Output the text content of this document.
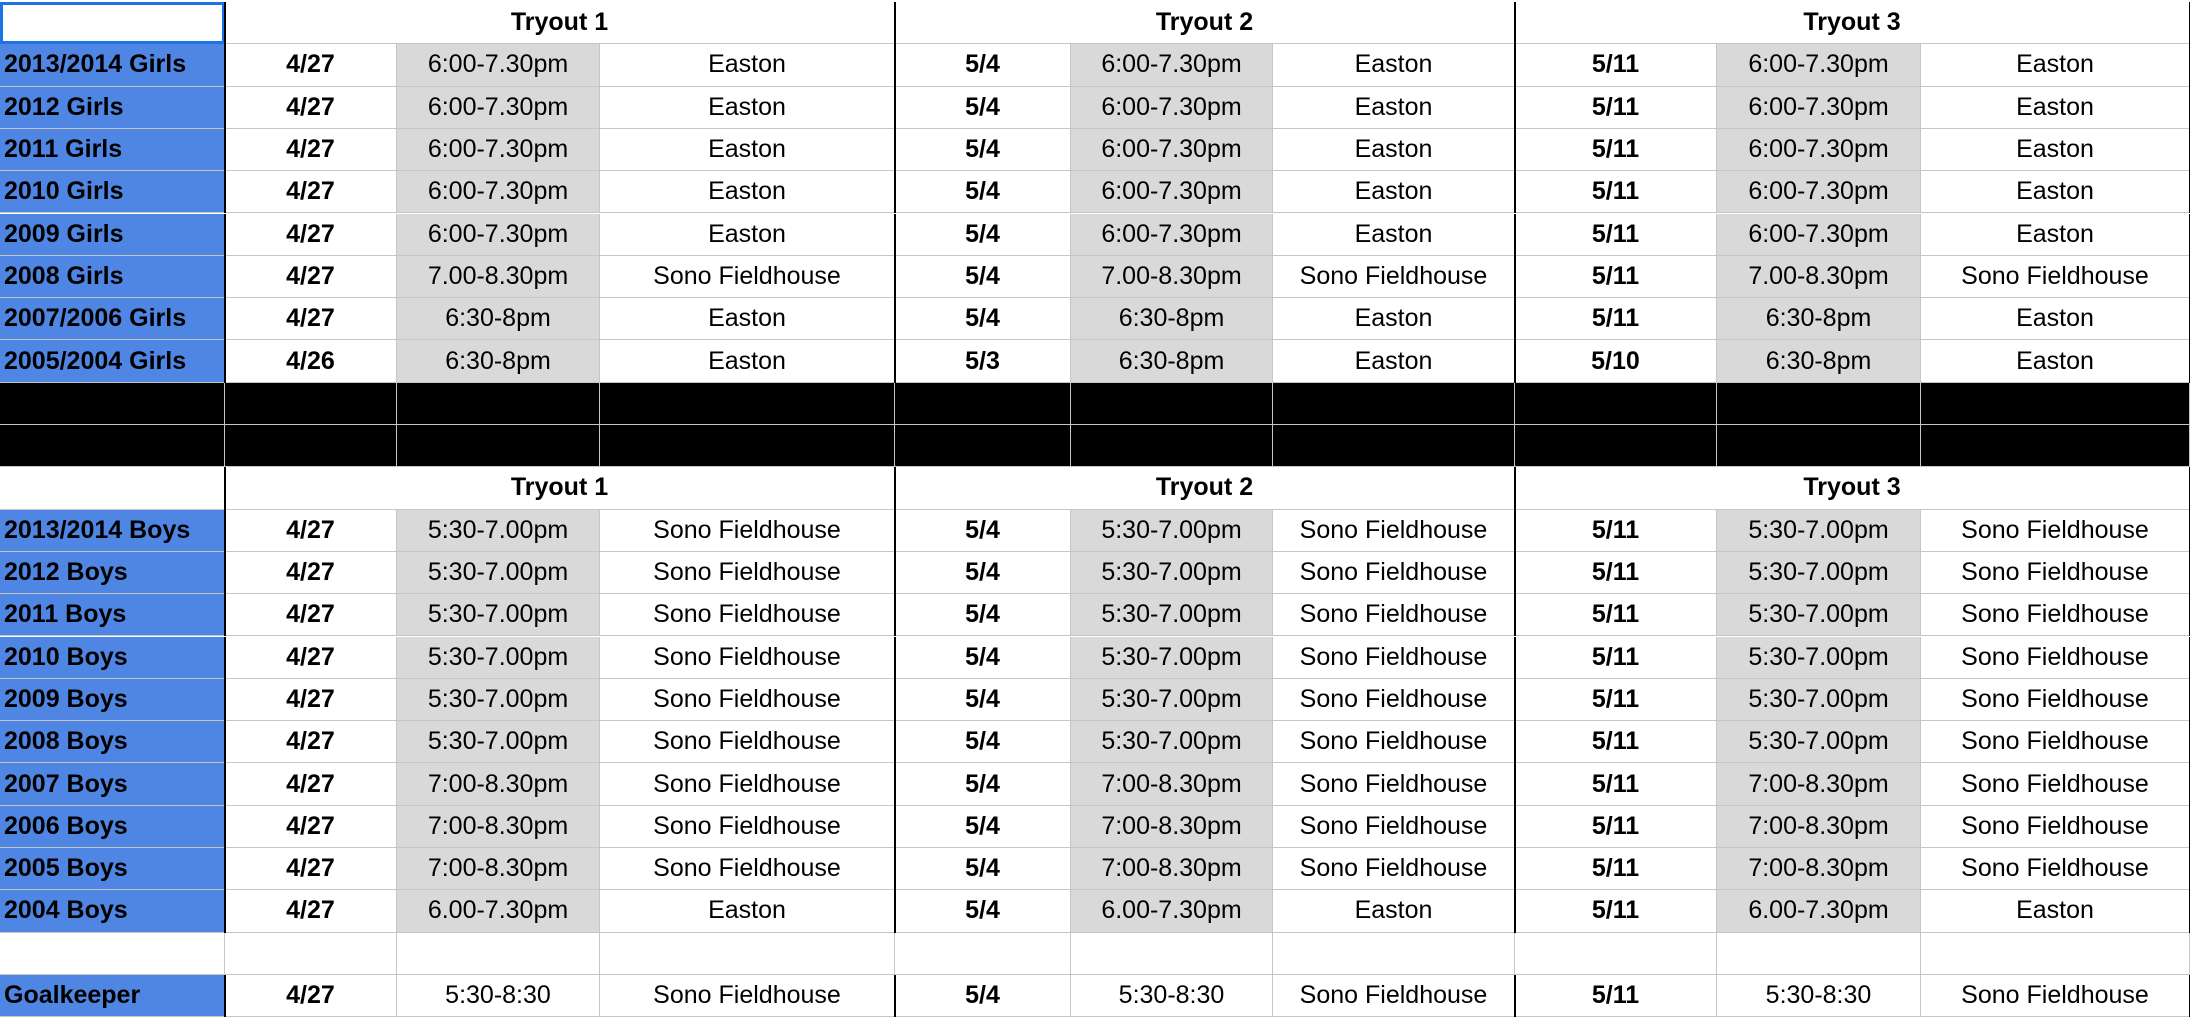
Tryout 1	Tryout 2	Tryout 3
2013/2014 Girls	4/27	6:00-7.30pm	Easton	5/4	6:00-7.30pm	Easton	5/11	6:00-7.30pm	Easton
2012 Girls	4/27	6:00-7.30pm	Easton	5/4	6:00-7.30pm	Easton	5/11	6:00-7.30pm	Easton
2011 Girls	4/27	6:00-7.30pm	Easton	5/4	6:00-7.30pm	Easton	5/11	6:00-7.30pm	Easton
2010 Girls	4/27	6:00-7.30pm	Easton	5/4	6:00-7.30pm	Easton	5/11	6:00-7.30pm	Easton
2009 Girls	4/27	6:00-7.30pm	Easton	5/4	6:00-7.30pm	Easton	5/11	6:00-7.30pm	Easton
2008 Girls	4/27	7.00-8.30pm	Sono Fieldhouse	5/4	7.00-8.30pm	Sono Fieldhouse	5/11	7.00-8.30pm	Sono Fieldhouse
2007/2006 Girls	4/27	6:30-8pm	Easton	5/4	6:30-8pm	Easton	5/11	6:30-8pm	Easton
2005/2004 Girls	4/26	6:30-8pm	Easton	5/3	6:30-8pm	Easton	5/10	6:30-8pm	Easton
Tryout 1	Tryout 2	Tryout 3
2013/2014 Boys	4/27	5:30-7.00pm	Sono Fieldhouse	5/4	5:30-7.00pm	Sono Fieldhouse	5/11	5:30-7.00pm	Sono Fieldhouse
2012 Boys	4/27	5:30-7.00pm	Sono Fieldhouse	5/4	5:30-7.00pm	Sono Fieldhouse	5/11	5:30-7.00pm	Sono Fieldhouse
2011 Boys	4/27	5:30-7.00pm	Sono Fieldhouse	5/4	5:30-7.00pm	Sono Fieldhouse	5/11	5:30-7.00pm	Sono Fieldhouse
2010 Boys	4/27	5:30-7.00pm	Sono Fieldhouse	5/4	5:30-7.00pm	Sono Fieldhouse	5/11	5:30-7.00pm	Sono Fieldhouse
2009 Boys	4/27	5:30-7.00pm	Sono Fieldhouse	5/4	5:30-7.00pm	Sono Fieldhouse	5/11	5:30-7.00pm	Sono Fieldhouse
2008 Boys	4/27	5:30-7.00pm	Sono Fieldhouse	5/4	5:30-7.00pm	Sono Fieldhouse	5/11	5:30-7.00pm	Sono Fieldhouse
2007 Boys	4/27	7:00-8.30pm	Sono Fieldhouse	5/4	7:00-8.30pm	Sono Fieldhouse	5/11	7:00-8.30pm	Sono Fieldhouse
2006 Boys	4/27	7:00-8.30pm	Sono Fieldhouse	5/4	7:00-8.30pm	Sono Fieldhouse	5/11	7:00-8.30pm	Sono Fieldhouse
2005 Boys	4/27	7:00-8.30pm	Sono Fieldhouse	5/4	7:00-8.30pm	Sono Fieldhouse	5/11	7:00-8.30pm	Sono Fieldhouse
2004 Boys	4/27	6.00-7.30pm	Easton	5/4	6.00-7.30pm	Easton	5/11	6.00-7.30pm	Easton
Goalkeeper	4/27	5:30-8:30	Sono Fieldhouse	5/4	5:30-8:30	Sono Fieldhouse	5/11	5:30-8:30	Sono Fieldhouse
